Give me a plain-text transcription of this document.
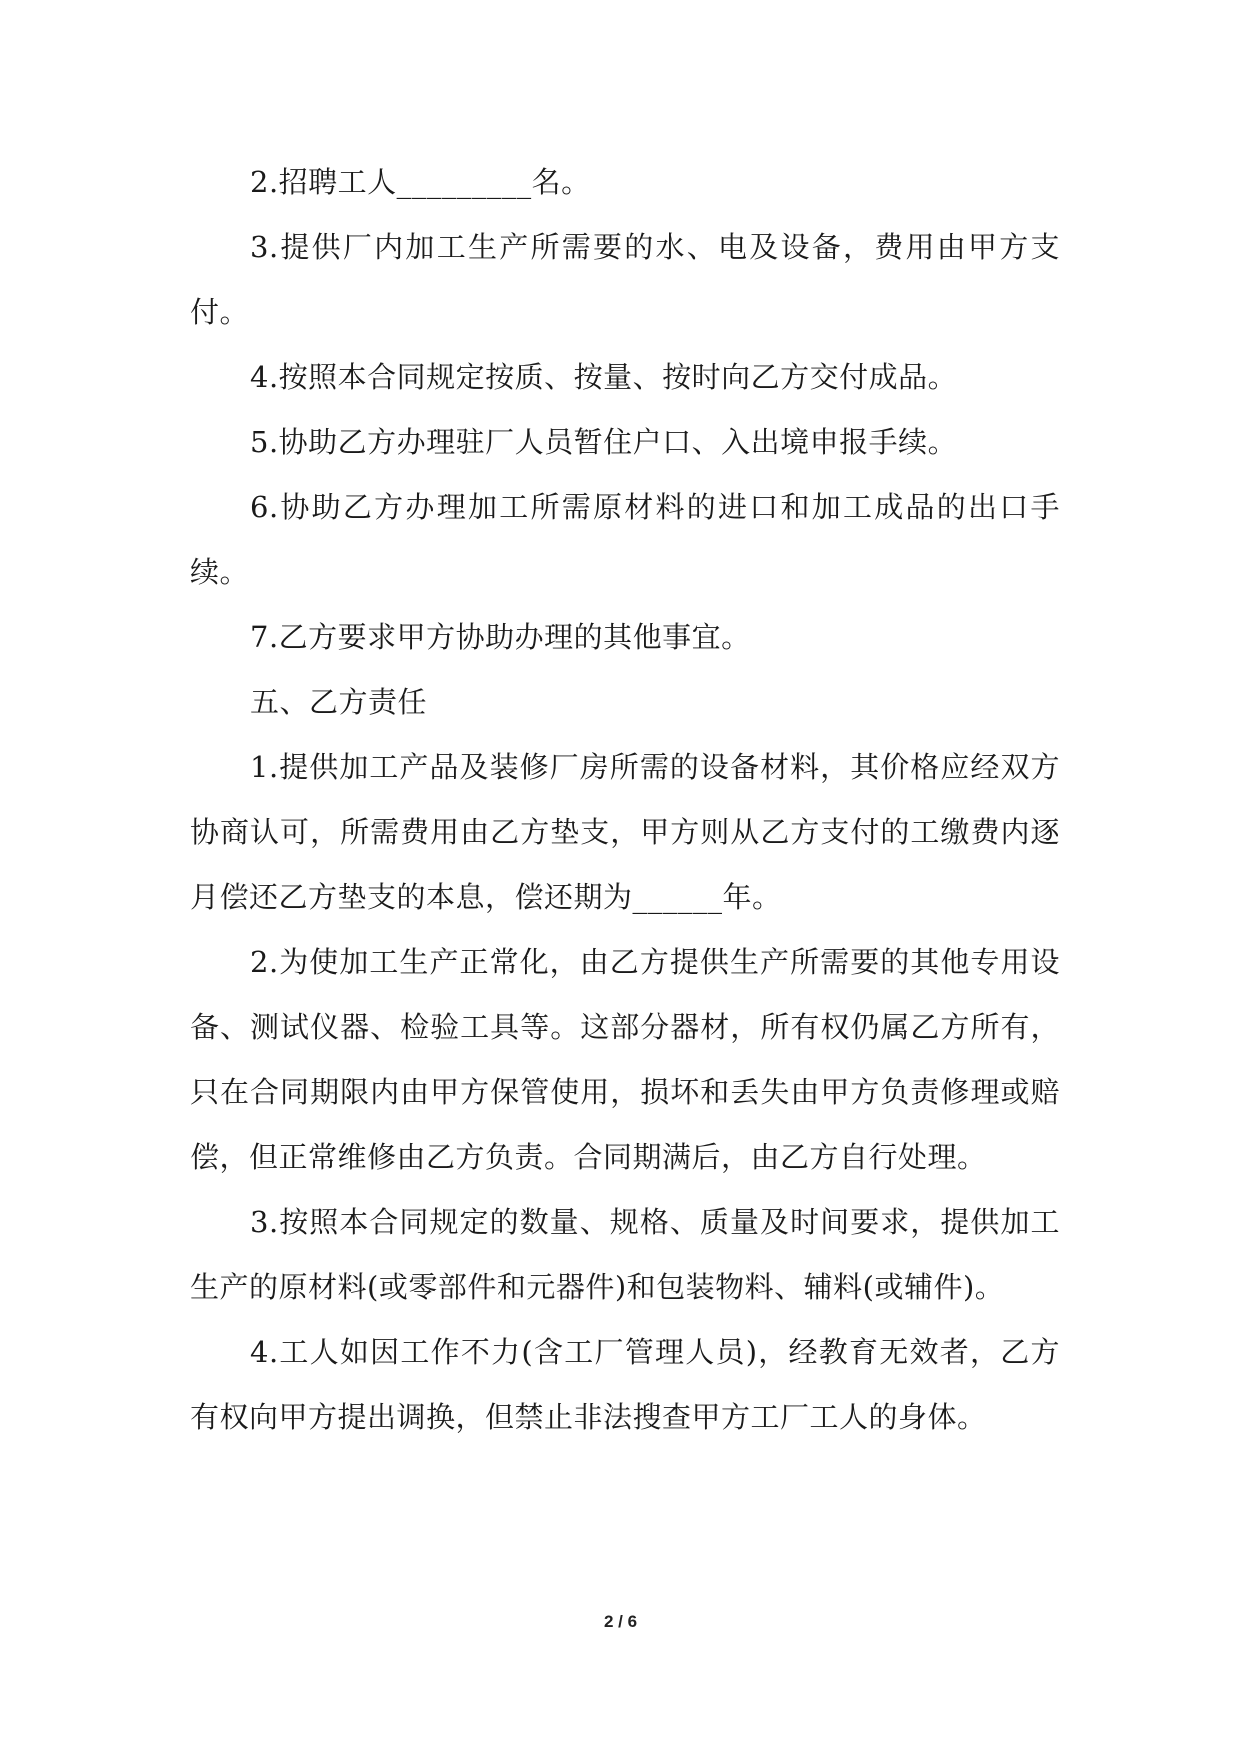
2.招聘工人_________名。

3.提供厂内加工生产所需要的水、电及设备，费用由甲方支付。

4.按照本合同规定按质、按量、按时向乙方交付成品。

5.协助乙方办理驻厂人员暂住户口、入出境申报手续。

6.协助乙方办理加工所需原材料的进口和加工成品的出口手续。

7.乙方要求甲方协助办理的其他事宜。

五、乙方责任

1.提供加工产品及装修厂房所需的设备材料，其价格应经双方协商认可，所需费用由乙方垫支，甲方则从乙方支付的工缴费内逐月偿还乙方垫支的本息，偿还期为______年。

2.为使加工生产正常化，由乙方提供生产所需要的其他专用设备、测试仪器、检验工具等。这部分器材，所有权仍属乙方所有，只在合同期限内由甲方保管使用，损坏和丢失由甲方负责修理或赔偿，但正常维修由乙方负责。合同期满后，由乙方自行处理。

3.按照本合同规定的数量、规格、质量及时间要求，提供加工生产的原材料(或零部件和元器件)和包装物料、辅料(或辅件)。

4.工人如因工作不力(含工厂管理人员)，经教育无效者，乙方有权向甲方提出调换，但禁止非法搜查甲方工厂工人的身体。

2 / 6
